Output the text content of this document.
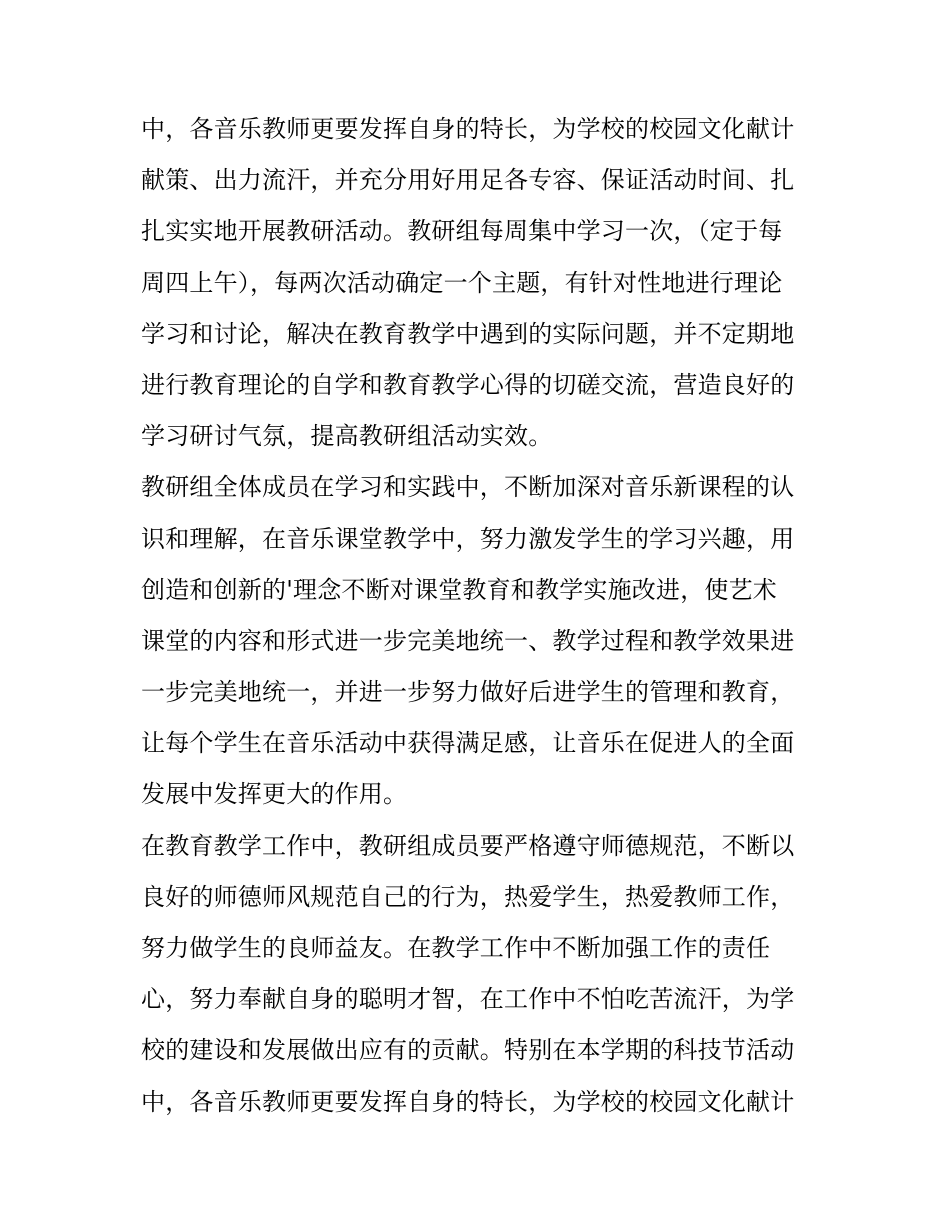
中，各音乐教师更要发挥自身的特长，为学校的校园文化献计
献策、出力流汗，并充分用好用足各专容、保证活动时间、扎
扎实实地开展教研活动。教研组每周集中学习一次，（定于每
周四上午），每两次活动确定一个主题，有针对性地进行理论
学习和讨论，解决在教育教学中遇到的实际问题，并不定期地
进行教育理论的自学和教育教学心得的切磋交流，营造良好的
学习研讨气氛，提高教研组活动实效。
教研组全体成员在学习和实践中，不断加深对音乐新课程的认
识和理解，在音乐课堂教学中，努力激发学生的学习兴趣，用
创造和创新的'理念不断对课堂教育和教学实施改进，使艺术
课堂的内容和形式进一步完美地统一、教学过程和教学效果进
一步完美地统一，并进一步努力做好后进学生的管理和教育，
让每个学生在音乐活动中获得满足感，让音乐在促进人的全面
发展中发挥更大的作用。
在教育教学工作中，教研组成员要严格遵守师德规范，不断以
良好的师德师风规范自己的行为，热爱学生，热爱教师工作，
努力做学生的良师益友。在教学工作中不断加强工作的责任
心，努力奉献自身的聪明才智，在工作中不怕吃苦流汗，为学
校的建设和发展做出应有的贡献。特别在本学期的科技节活动
中，各音乐教师更要发挥自身的特长，为学校的校园文化献计
